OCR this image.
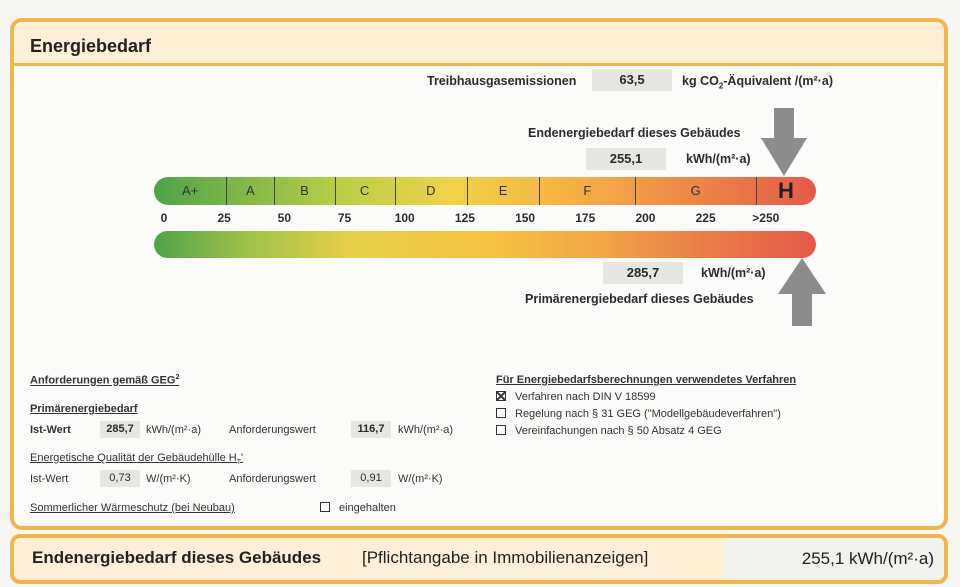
Energiebedarf
Treibhausgasemissionen	63,5	kg $CO_2$-Äquivalent /(m²·a)
Endenergiebedarf dieses Gebäudes
255,1	kWh/(m²·a)
A+	A	B	C	D	E	F	G	H
0	25	50	75	100	125	150	175	200	225	>250
285,7	kWh/(m²·a)
Primärenergiebedarf dieses Gebäudes
Anforderungen gemäß GEG$^2$
Primärenergiebedarf
Ist-Wert	285,7	kWh/(m²·a)	Anforderungswert	116,7	kWh/(m²·a)
Energetische Qualität der Gebäudehülle $H_T'$
Ist-Wert	0,73	W/(m²·K)	Anforderungswert	0,91	W/(m²·K)
Sommerlicher Wärmeschutz (bei Neubau)	eingehalten
Für Energiebedarfsberechnungen verwendetes Verfahren
Verfahren nach DIN V 18599
Regelung nach § 31 GEG ("Modellgebäudeverfahren")
Vereinfachungen nach § 50 Absatz 4 GEG
Endenergiebedarf dieses Gebäudes [Pflichtangabe in Immobilienanzeigen]	255,1 kWh/(m²·a)
